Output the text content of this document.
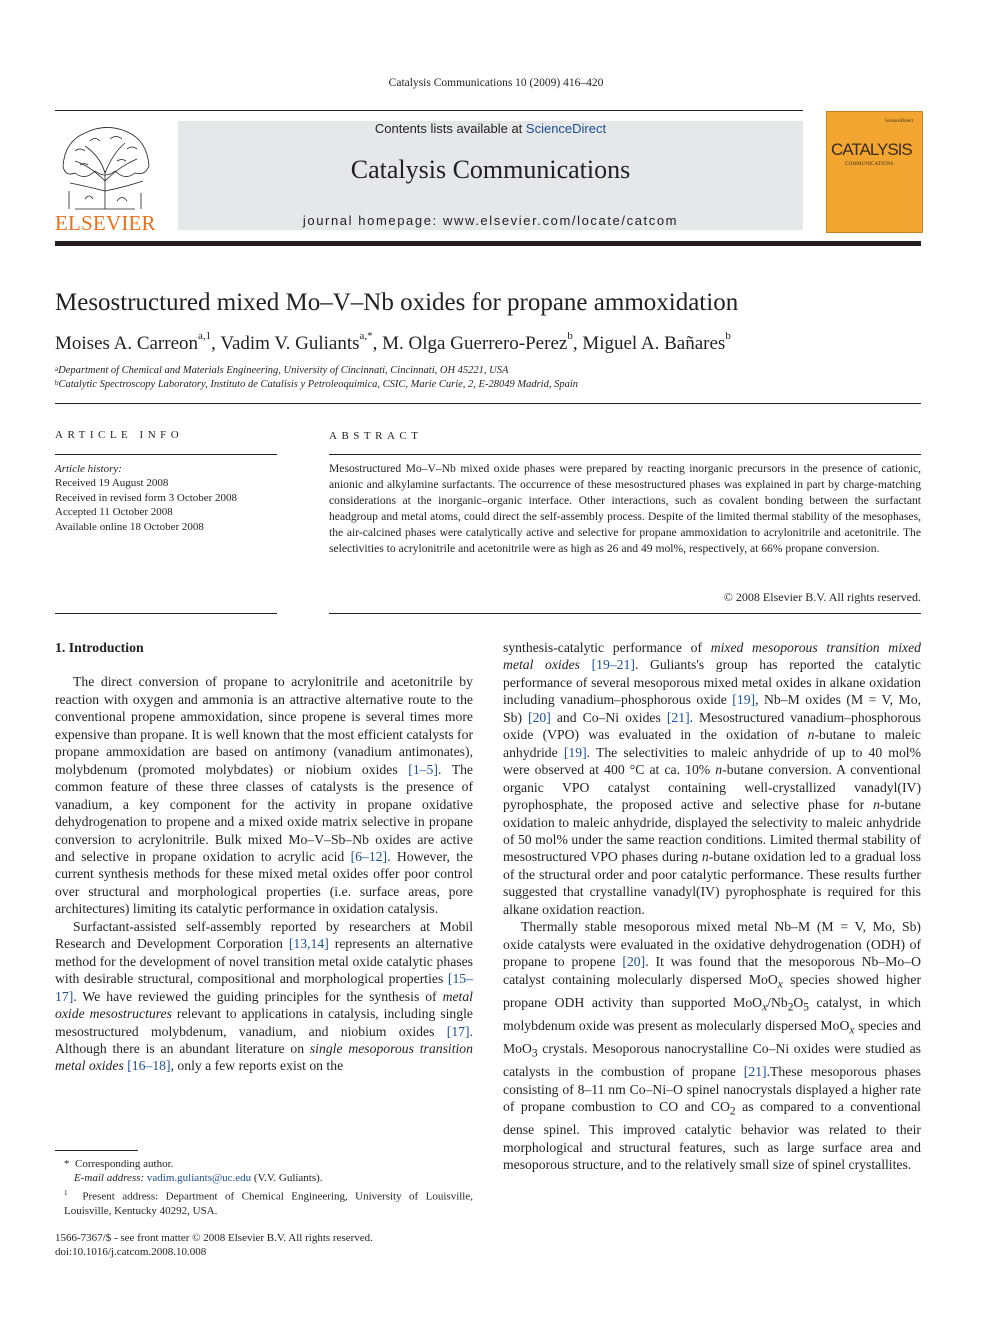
Catalysis Communications 10 (2009) 416–420
ELSEVIER
Contents lists available at ScienceDirect
Catalysis Communications
journal homepage: www.elsevier.com/locate/catcom
ScienceDirect
CATALYSIS
COMMUNICATIONS
Mesostructured mixed Mo–V–Nb oxides for propane ammoxidation
Moises A. Carreon$^{a,1}$, Vadim V. Guliants$^{a,*}$, M. Olga Guerrero-Perez$^b$, Miguel A. Bañares$^b$
$^a$Department of Chemical and Materials Engineering, University of Cincinnati, Cincinnati, OH 45221, USA
$^b$Catalytic Spectroscopy Laboratory, Instituto de Catalisis y Petroleoquimica, CSIC, Marie Curie, 2, E-28049 Madrid, Spain
ARTICLE INFO
Article history:
Received 19 August 2008
Received in revised form 3 October 2008
Accepted 11 October 2008
Available online 18 October 2008
ABSTRACT
Mesostructured Mo–V–Nb mixed oxide phases were prepared by reacting inorganic precursors in the presence of cationic, anionic and alkylamine surfactants. The occurrence of these mesostructured phases was explained in part by charge-matching considerations at the inorganic–organic interface. Other interactions, such as covalent bonding between the surfactant headgroup and metal atoms, could direct the self-assembly process. Despite of the limited thermal stability of the mesophases, the air-calcined phases were catalytically active and selective for propane ammoxidation to acrylonitrile and acetonitrile. The selectivities to acrylonitrile and acetonitrile were as high as 26 and 49 mol%, respectively, at 66% propane conversion.
© 2008 Elsevier B.V. All rights reserved.
1. Introduction

The direct conversion of propane to acrylonitrile and acetonitrile by reaction with oxygen and ammonia is an attractive alternative route to the conventional propene ammoxidation, since propene is several times more expensive than propane. It is well known that the most efficient catalysts for propane ammoxidation are based on antimony (vanadium antimonates), molybdenum (promoted molybdates) or niobium oxides [1–5]. The common feature of these three classes of catalysts is the presence of vanadium, a key component for the activity in propane oxidative dehydrogenation to propene and a mixed oxide matrix selective in propane conversion to acrylonitrile. Bulk mixed Mo–V–Sb–Nb oxides are active and selective in propane oxidation to acrylic acid [6–12]. However, the current synthesis methods for these mixed metal oxides offer poor control over structural and morphological properties (i.e. surface areas, pore architectures) limiting its catalytic performance in oxidation catalysis.

Surfactant-assisted self-assembly reported by researchers at Mobil Research and Development Corporation [13,14] represents an alternative method for the development of novel transition metal oxide catalytic phases with desirable structural, compositional and morphological properties [15–17]. We have reviewed the guiding principles for the synthesis of metal oxide mesostructures relevant to applications in catalysis, including single mesostructured molybdenum, vanadium, and niobium oxides [17]. Although there is an abundant literature on single mesoporous transition metal oxides [16–18], only a few reports exist on the

* Corresponding author.
E-mail address: vadim.guliants@uc.edu (V.V. Guliants).
$^1$ Present address: Department of Chemical Engineering, University of Louisville, Louisville, Kentucky 40292, USA.
1566-7367/$ - see front matter © 2008 Elsevier B.V. All rights reserved.
doi:10.1016/j.catcom.2008.10.008

synthesis-catalytic performance of mixed mesoporous transition mixed metal oxides [19–21]. Guliants's group has reported the catalytic performance of several mesoporous mixed metal oxides in alkane oxidation including vanadium–phosphorous oxide [19], Nb–M oxides (M = V, Mo, Sb) [20] and Co–Ni oxides [21]. Mesostructured vanadium–phosphorous oxide (VPO) was evaluated in the oxidation of n-butane to maleic anhydride [19]. The selectivities to maleic anhydride of up to 40 mol% were observed at 400 °C at ca. 10% n-butane conversion. A conventional organic VPO catalyst containing well-crystallized vanadyl(IV) pyrophosphate, the proposed active and selective phase for n-butane oxidation to maleic anhydride, displayed the selectivity to maleic anhydride of 50 mol% under the same reaction conditions. Limited thermal stability of mesostructured VPO phases during n-butane oxidation led to a gradual loss of the structural order and poor catalytic performance. These results further suggested that crystalline vanadyl(IV) pyrophosphate is required for this alkane oxidation reaction.

Thermally stable mesoporous mixed metal Nb–M (M = V, Mo, Sb) oxide catalysts were evaluated in the oxidative dehydrogenation (ODH) of propane to propene [20]. It was found that the mesoporous Nb–Mo–O catalyst containing molecularly dispersed MoO$_x$ species showed higher propane ODH activity than supported $MoO_x/Nb_2O_5$ catalyst, in which molybdenum oxide was present as molecularly dispersed MoO$_x$ species and MoO$_3$ crystals. Mesoporous nanocrystalline Co–Ni oxides were studied as catalysts in the combustion of propane [21].These mesoporous phases consisting of 8–11 nm Co–Ni–O spinel nanocrystals displayed a higher rate of propane combustion to CO and $CO_2$ as compared to a conventional dense spinel. This improved catalytic behavior was related to their morphological and structural features, such as large surface area and mesoporous structure, and to the relatively small size of spinel crystallites.
